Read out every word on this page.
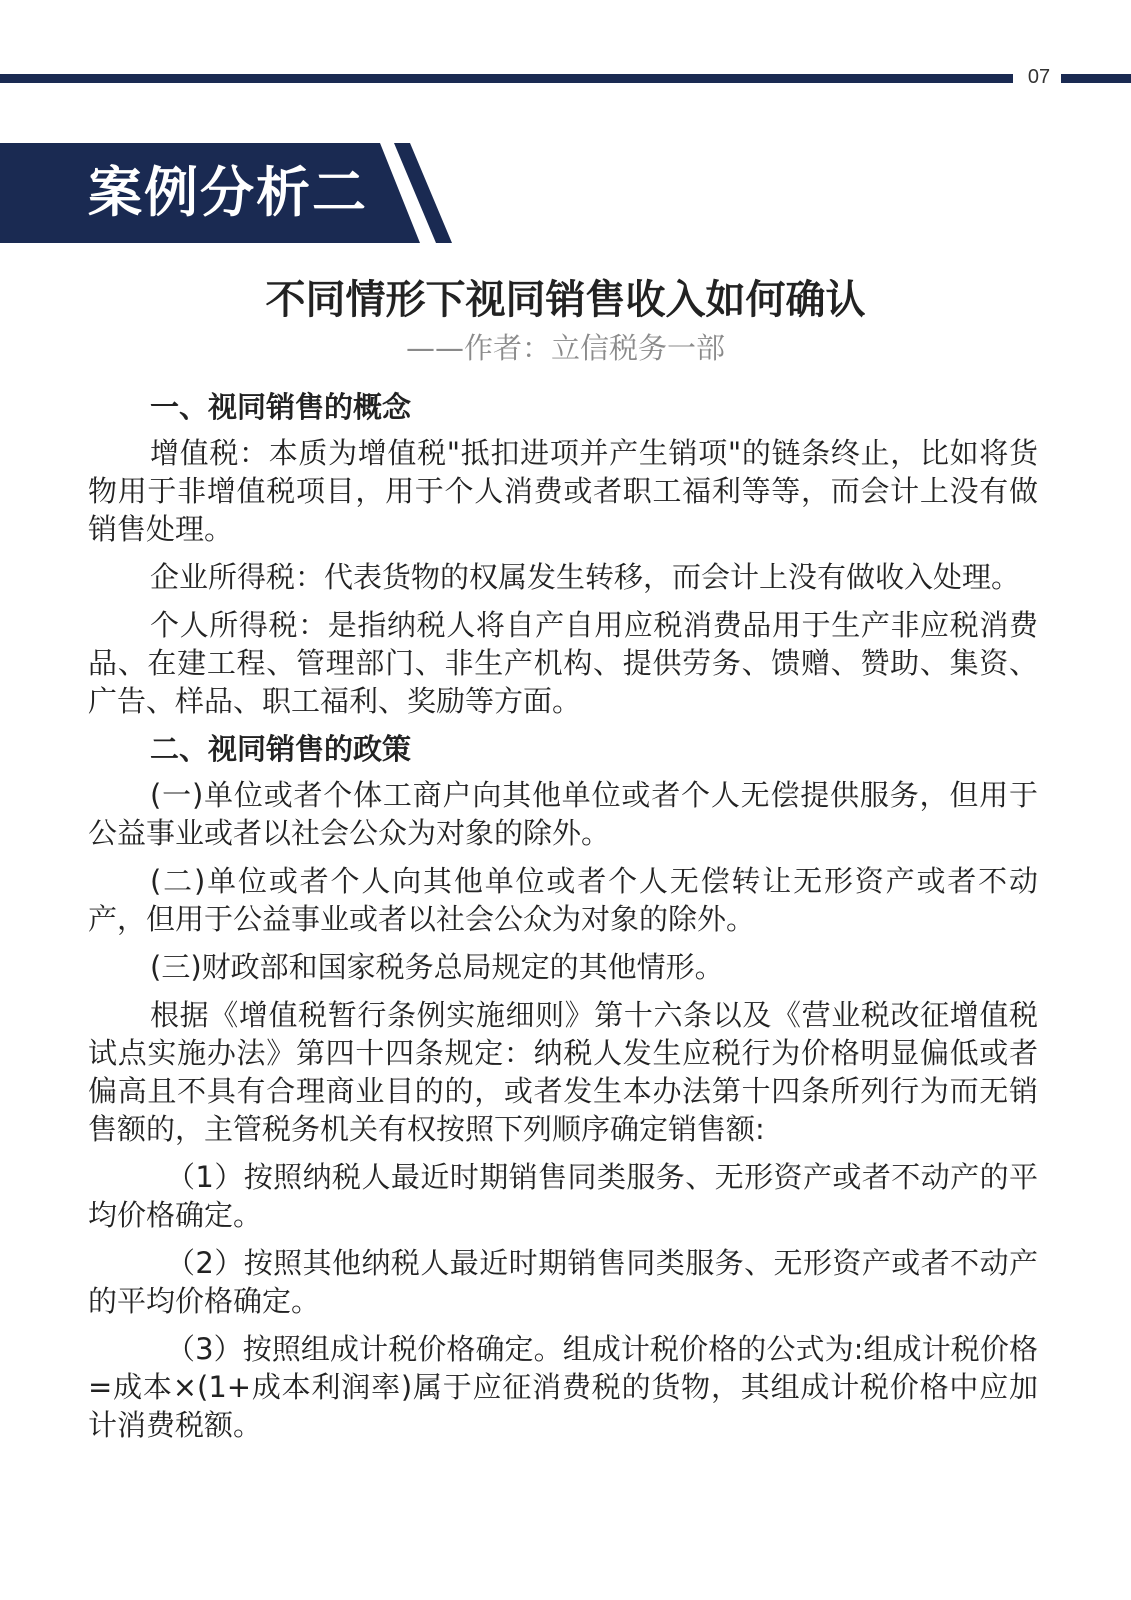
07
案例分析二
不同情形下视同销售收入如何确认
——作者：立信税务一部

一、视同销售的概念

增值税：本质为增值税"抵扣进项并产生销项"的链条终止，比如将货物用于非增值税项目，用于个人消费或者职工福利等等，而会计上没有做销售处理。

企业所得税：代表货物的权属发生转移，而会计上没有做收入处理。

个人所得税：是指纳税人将自产自用应税消费品用于生产非应税消费品、在建工程、管理部门、非生产机构、提供劳务、馈赠、赞助、集资、广告、样品、职工福利、奖励等方面。

二、视同销售的政策

(一)单位或者个体工商户向其他单位或者个人无偿提供服务，但用于公益事业或者以社会公众为对象的除外。

(二)单位或者个人向其他单位或者个人无偿转让无形资产或者不动产，但用于公益事业或者以社会公众为对象的除外。

(三)财政部和国家税务总局规定的其他情形。

根据《增值税暂行条例实施细则》第十六条以及《营业税改征增值税试点实施办法》第四十四条规定：纳税人发生应税行为价格明显偏低或者偏高且不具有合理商业目的的，或者发生本办法第十四条所列行为而无销售额的，主管税务机关有权按照下列顺序确定销售额:

（1）按照纳税人最近时期销售同类服务、无形资产或者不动产的平均价格确定。

（2）按照其他纳税人最近时期销售同类服务、无形资产或者不动产的平均价格确定。

（3）按照组成计税价格确定。组成计税价格的公式为:组成计税价格=成本×(1+成本利润率)属于应征消费税的货物，其组成计税价格中应加计消费税额。
